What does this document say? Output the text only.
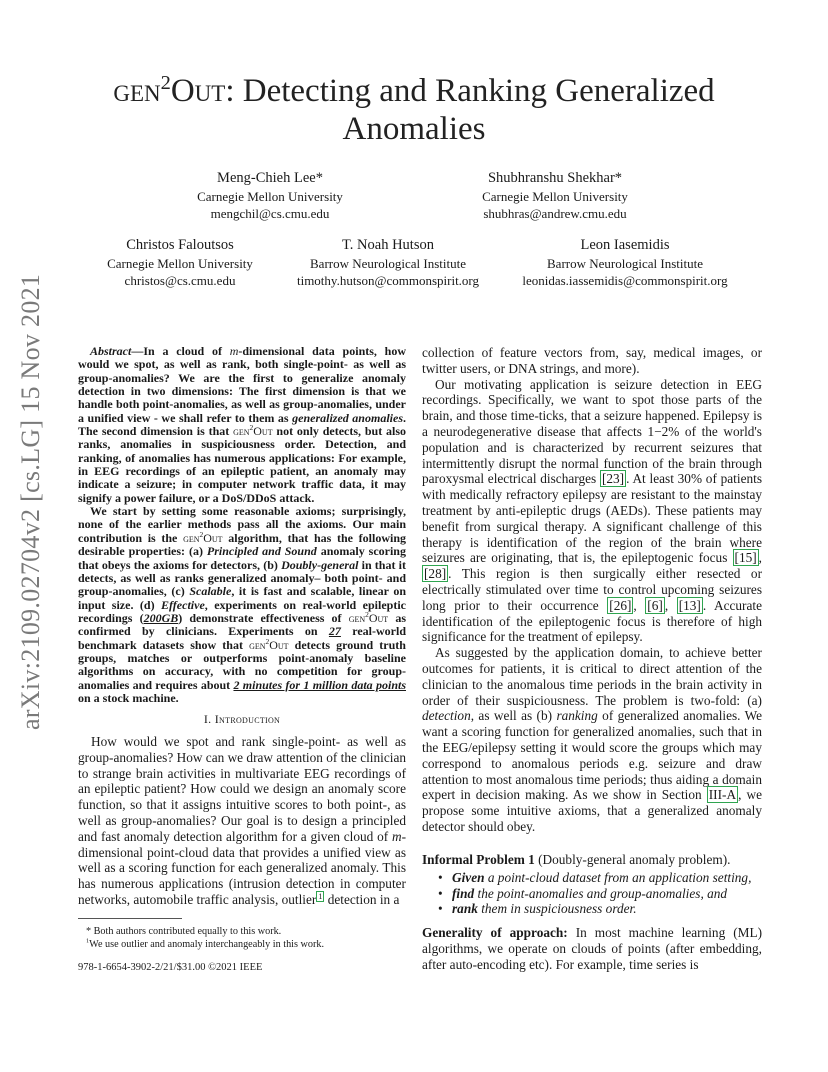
gen$^2$Out: Detecting and Ranking Generalized
Anomalies
Meng-Chieh Lee*
Carnegie Mellon University
mengchil@cs.cmu.edu
Shubhranshu Shekhar*
Carnegie Mellon University
shubhras@andrew.cmu.edu
Christos Faloutsos
Carnegie Mellon University
christos@cs.cmu.edu
T. Noah Hutson
Barrow Neurological Institute
timothy.hutson@commonspirit.org
Leon Iasemidis
Barrow Neurological Institute
leonidas.iassemidis@commonspirit.org
arXiv:2109.02704v2 [cs.LG] 15 Nov 2021	Abstract—In a cloud of m-dimensional data points, how would we spot, as well as rank, both single-point- as well as group-anomalies? We are the first to generalize anomaly detection in two dimensions: The first dimension is that we handle both point-anomalies, as well as group-anomalies, under a unified view - we shall refer to them as generalized anomalies. The second dimension is that gen$^2$Out not only detects, but also ranks, anomalies in suspiciousness order. Detection, and ranking, of anomalies has numerous applications: For example, in EEG recordings of an epileptic patient, an anomaly may indicate a seizure; in computer network traffic data, it may signify a power failure, or a DoS/DDoS attack.

We start by setting some reasonable axioms; surprisingly, none of the earlier methods pass all the axioms. Our main contribution is the gen$^2$Out algorithm, that has the following desirable properties: (a) Principled and Sound anomaly scoring that obeys the axioms for detectors, (b) Doubly-general in that it detects, as well as ranks generalized anomaly– both point- and group-anomalies, (c) Scalable, it is fast and scalable, linear on input size. (d) Effective, experiments on real-world epileptic recordings (200GB) demonstrate effectiveness of gen$^2$Out as confirmed by clinicians. Experiments on 27 real-world benchmark datasets show that gen$^2$Out detects ground truth groups, matches or outperforms point-anomaly baseline algorithms on accuracy, with no competition for group-anomalies and requires about 2 minutes for 1 million data points on a stock machine.

I. Introduction

How would we spot and rank single-point- as well as group-anomalies? How can we draw attention of the clinician to strange brain activities in multivariate EEG recordings of an epileptic patient? How could we design an anomaly score function, so that it assigns intuitive scores to both point-, as well as group-anomalies? Our goal is to design a principled and fast anomaly detection algorithm for a given cloud of m-dimensional point-cloud data that provides a unified view as well as a scoring function for each generalized anomaly. This has numerous applications (intrusion detection in computer networks, automobile traffic analysis, outlier $^1$ detection in a

* Both authors contributed equally to this work.
$^1$We use outlier and anomaly interchangeably in this work.
978-1-6654-3902-2/21/$31.00 ©2021 IEEE

collection of feature vectors from, say, medical images, or twitter users, or DNA strings, and more).

Our motivating application is seizure detection in EEG recordings. Specifically, we want to spot those parts of the brain, and those time-ticks, that a seizure happened. Epilepsy is a neurodegenerative disease that affects 1−2% of the world's population and is characterized by recurrent seizures that intermittently disrupt the normal function of the brain through paroxysmal electrical discharges [23] . At least 30% of patients with medically refractory epilepsy are resistant to the mainstay treatment by anti-epileptic drugs (AEDs). These patients may benefit from surgical therapy. A significant challenge of this therapy is identification of the region of the brain where seizures are originating, that is, the epileptogenic focus [15] , [28] . This region is then surgically either resected or electrically stimulated over time to control upcoming seizures long prior to their occurrence [26] , [6] , [13] . Accurate identification of the epileptogenic focus is therefore of high significance for the treatment of epilepsy.

As suggested by the application domain, to achieve better outcomes for patients, it is critical to direct attention of the clinician to the anomalous time periods in the brain activity in order of their suspiciousness. The problem is two-fold: (a) detection, as well as (b) ranking of generalized anomalies. We want a scoring function for generalized anomalies, such that in the EEG/epilepsy setting it would score the groups which may correspond to anomalous periods e.g. seizure and draw attention to most anomalous time periods; thus aiding a domain expert in decision making. As we show in Section III-A , we propose some intuitive axioms, that a generalized anomaly detector should obey.

Informal Problem 1 (Doubly-general anomaly problem).
• Given a point-cloud dataset from an application setting,
• find the point-anomalies and group-anomalies, and
• rank them in suspiciousness order.
Generality of approach: In most machine learning (ML) algorithms, we operate on clouds of points (after embedding, after auto-encoding etc). For example, time series is
